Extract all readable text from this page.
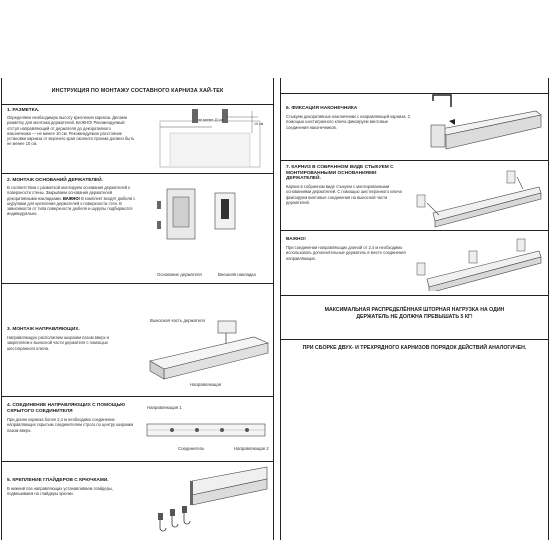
ИНСТРУКЦИЯ ПО МОНТАЖУ СОСТАВНОГО КАРНИЗА ХАЙ-ТЕК
1. РАЗМЕТКА.
Определяем необходимую высоту крепления карниза. Делаем разметку для монтажа держателей. ВАЖНО! Рекомендуемый отступ направляющей от держателя до декоративного наконечника — не менее 10 см. Рекомендуемое расстояние установки карниза от верхнего края оконного проема должно быть не менее 10 см.
не менее 10 см
10 см
2. МОНТАЖ ОСНОВАНИЙ ДЕРЖАТЕЛЕЙ.
В соответствии с разметкой монтируем основания держателей к поверхности стены. Закрываем основания держателей декоративными накладками. ВАЖНО! В комплект входят дюбели с шурупами для крепления держателей к поверхности стен. В зависимости от типа поверхности дюбеля и шурупы подбираются индивидуально.
Основание держателя	Внешняя накладка
3. МОНТАЖ НАПРАВЛЯЮЩИХ.
Направляющую располагаем широким пазом вверх и закрепляем к выносной части держателя с помощью шестигранного ключа.
Выносная часть держателя
Направляющая
4. СОЕДИНЕНИЕ НАПРАВЛЯЮЩИХ С ПОМОЩЬЮ СКРЫТОГО СОЕДИНИТЕЛЯ
При длине карниза более 2,4 м необходимо соединение направляющих скрытым соединителем строго по центру широким пазом вверх.
Направляющая 1
Соединитель	Направляющая 2
5. КРЕПЛЕНИЕ ГЛАЙДЕРОВ С КРЮЧКАМИ.
В нижний паз направляющих устанавливаем глайдеры, подвешиваем на глайдеры крючки.
6. ФИКСАЦИЯ НАКОНЕЧНИКА
Стыкуем декоративные наконечники с направляющей карниза. С помощью шестигранного ключа фиксируем винтовые соединения наконечников.
7. КАРНИЗ В СОБРАННОМ ВИДЕ СТЫКУЕМ С МОНТИРОВАННЫМИ ОСНОВАНИЯМИ ДЕРЖАТЕЛЕЙ.
Карниз в собранном виде стыкуем с монтированными основаниями держателей. С помощью шестигранного ключа фиксируем винтовые соединения на выносной части держателей.
ВАЖНО!
При соединении направляющих длиной от 2,4 м необходимо использовать дополнительные держатель в месте соединения направляющих.
МАКСИМАЛЬНАЯ РАСПРЕДЕЛЁННАЯ ШТОРНАЯ НАГРУЗКА НА ОДИН ДЕРЖАТЕЛЬ НЕ ДОЛЖНА ПРЕВЫШАТЬ 5 КГ!
ПРИ СБОРКЕ ДВУХ- И ТРЕХРЯДНОГО КАРНИЗОВ ПОРЯДОК ДЕЙСТВИЙ АНАЛОГИЧЕН.
